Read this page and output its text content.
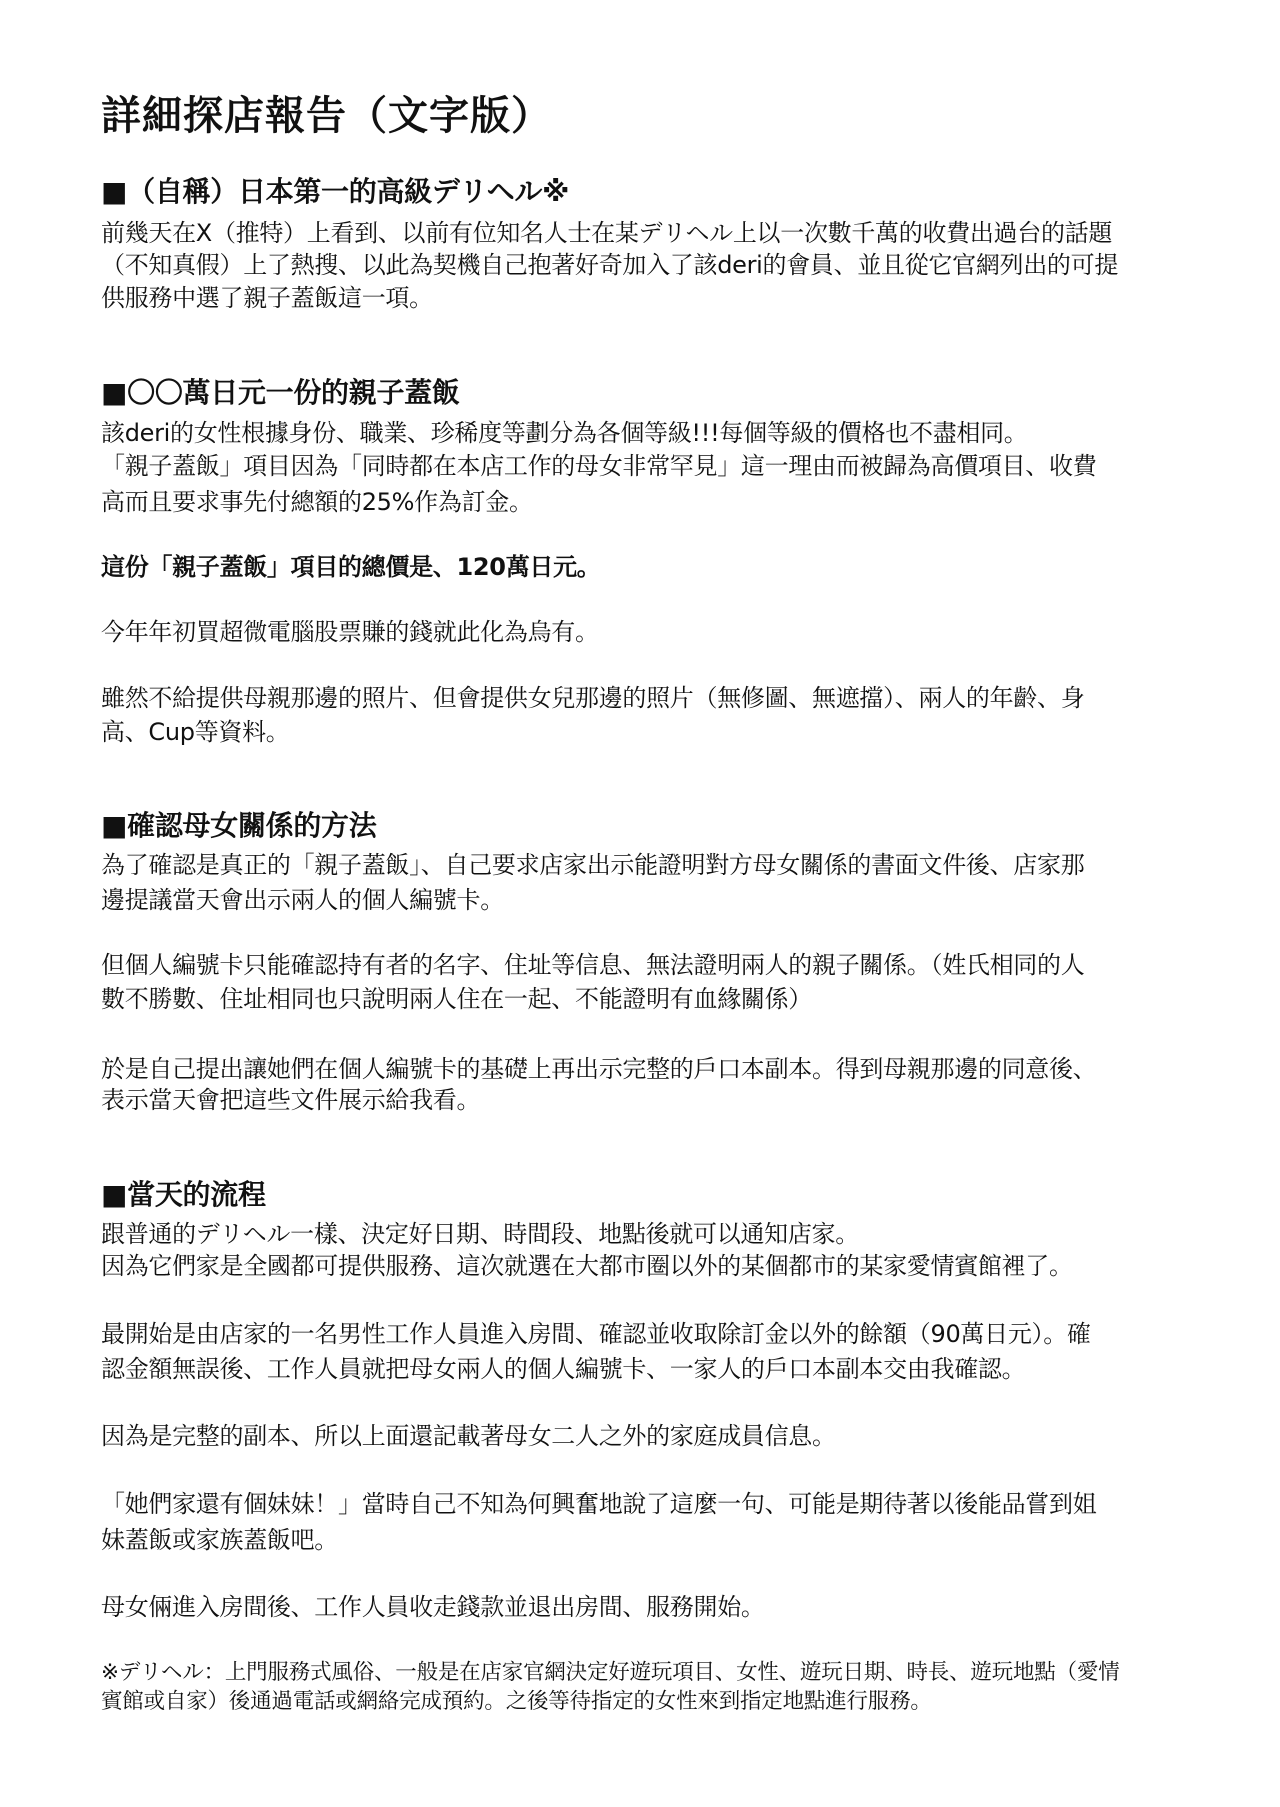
詳細探店報告（文字版）
■（自稱）日本第一的高級デリヘル※
前幾天在X（推特）上看到、以前有位知名人士在某デリヘル上以一次數千萬的收費出過台的話題
（不知真假）上了熱搜、以此為契機自己抱著好奇加入了該deri的會員、並且從它官網列出的可提
供服務中選了親子蓋飯這一項。
■〇〇萬日元一份的親子蓋飯
該deri的女性根據身份、職業、珍稀度等劃分為各個等級!!!每個等級的價格也不盡相同。
「親子蓋飯」項目因為「同時都在本店工作的母女非常罕見」這一理由而被歸為高價項目、收費
高而且要求事先付總額的25%作為訂金。
這份「親子蓋飯」項目的總價是、120萬日元。
今年年初買超微電腦股票賺的錢就此化為烏有。
雖然不給提供母親那邊的照片、但會提供女兒那邊的照片（無修圖、無遮擋）、兩人的年齡、身
高、Cup等資料。
■確認母女關係的方法
為了確認是真正的「親子蓋飯」、自己要求店家出示能證明對方母女關係的書面文件後、店家那
邊提議當天會出示兩人的個人編號卡。
但個人編號卡只能確認持有者的名字、住址等信息、無法證明兩人的親子關係。（姓氏相同的人
數不勝數、住址相同也只說明兩人住在一起、不能證明有血緣關係）
於是自己提出讓她們在個人編號卡的基礎上再出示完整的戶口本副本。得到母親那邊的同意後、
表示當天會把這些文件展示給我看。
■當天的流程
跟普通的デリヘル一樣、決定好日期、時間段、地點後就可以通知店家。
因為它們家是全國都可提供服務、這次就選在大都市圈以外的某個都市的某家愛情賓館裡了。
最開始是由店家的一名男性工作人員進入房間、確認並收取除訂金以外的餘額（90萬日元）。確
認金額無誤後、工作人員就把母女兩人的個人編號卡、一家人的戶口本副本交由我確認。
因為是完整的副本、所以上面還記載著母女二人之外的家庭成員信息。
「她們家還有個妹妹！」當時自己不知為何興奮地說了這麼一句、可能是期待著以後能品嘗到姐
妹蓋飯或家族蓋飯吧。
母女倆進入房間後、工作人員收走錢款並退出房間、服務開始。
※デリヘル：上門服務式風俗、一般是在店家官網決定好遊玩項目、女性、遊玩日期、時長、遊玩地點（愛情
賓館或自家）後通過電話或網絡完成預約。之後等待指定的女性來到指定地點進行服務。
